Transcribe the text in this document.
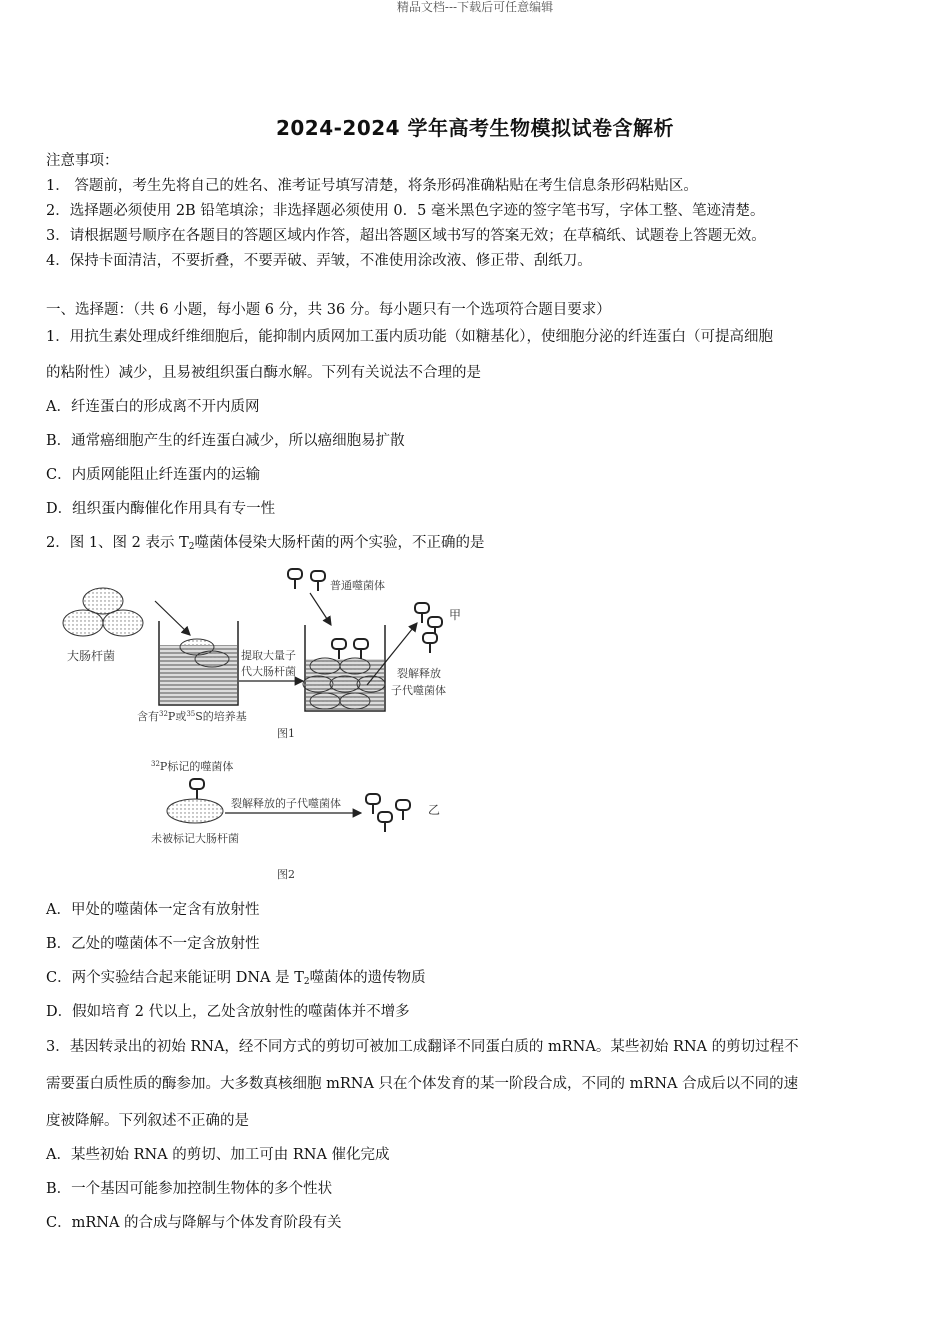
精品文档---下载后可任意编辑
2024-2024 学年高考生物模拟试卷含解析
注意事项：
1． 答题前，考生先将自己的姓名、准考证号填写清楚，将条形码准确粘贴在考生信息条形码粘贴区。
2．选择题必须使用 2B 铅笔填涂；非选择题必须使用 0．5 毫米黑色字迹的签字笔书写，字体工整、笔迹清楚。
3．请根据题号顺序在各题目的答题区域内作答，超出答题区域书写的答案无效；在草稿纸、试题卷上答题无效。
4．保持卡面清洁，不要折叠，不要弄破、弄皱，不准使用涂改液、修正带、刮纸刀。
一、选择题：（共 6 小题，每小题 6 分，共 36 分。每小题只有一个选项符合题目要求）
1．用抗生素处理成纤维细胞后，能抑制内质网加工蛋内质功能（如糖基化），使细胞分泌的纤连蛋白（可提高细胞
的粘附性）减少，且易被组织蛋白酶水解。下列有关说法不合理的是
A．纤连蛋白的形成离不开内质网
B．通常癌细胞产生的纤连蛋白减少，所以癌细胞易扩散
C．内质网能阻止纤连蛋内的运输
D．组织蛋内酶催化作用具有专一性
2．图 1、图 2 表示 $T_2$噬菌体侵染大肠杆菌的两个实验，不正确的是
大肠杆菌
含有$^{32}$P或$^{35}$S的培养基
提取大量子
代大肠杆菌
普通噬菌体
甲
裂解释放
子代噬菌体
图1
$^{32}$P标记的噬菌体
未被标记大肠杆菌
裂解释放的子代噬菌体	乙
图2
A．甲处的噬菌体一定含有放射性
B．乙处的噬菌体不一定含放射性
C．两个实验结合起来能证明 DNA 是 $T_2$噬菌体的遗传物质
D．假如培育 2 代以上，乙处含放射性的噬菌体并不增多
3．基因转录出的初始 RNA，经不同方式的剪切可被加工成翻译不同蛋白质的 mRNA。某些初始 RNA 的剪切过程不
需要蛋白质性质的酶参加。大多数真核细胞 mRNA 只在个体发育的某一阶段合成，不同的 mRNA 合成后以不同的速
度被降解。下列叙述不正确的是
A．某些初始 RNA 的剪切、加工可由 RNA 催化完成
B．一个基因可能参加控制生物体的多个性状
C．mRNA 的合成与降解与个体发育阶段有关
